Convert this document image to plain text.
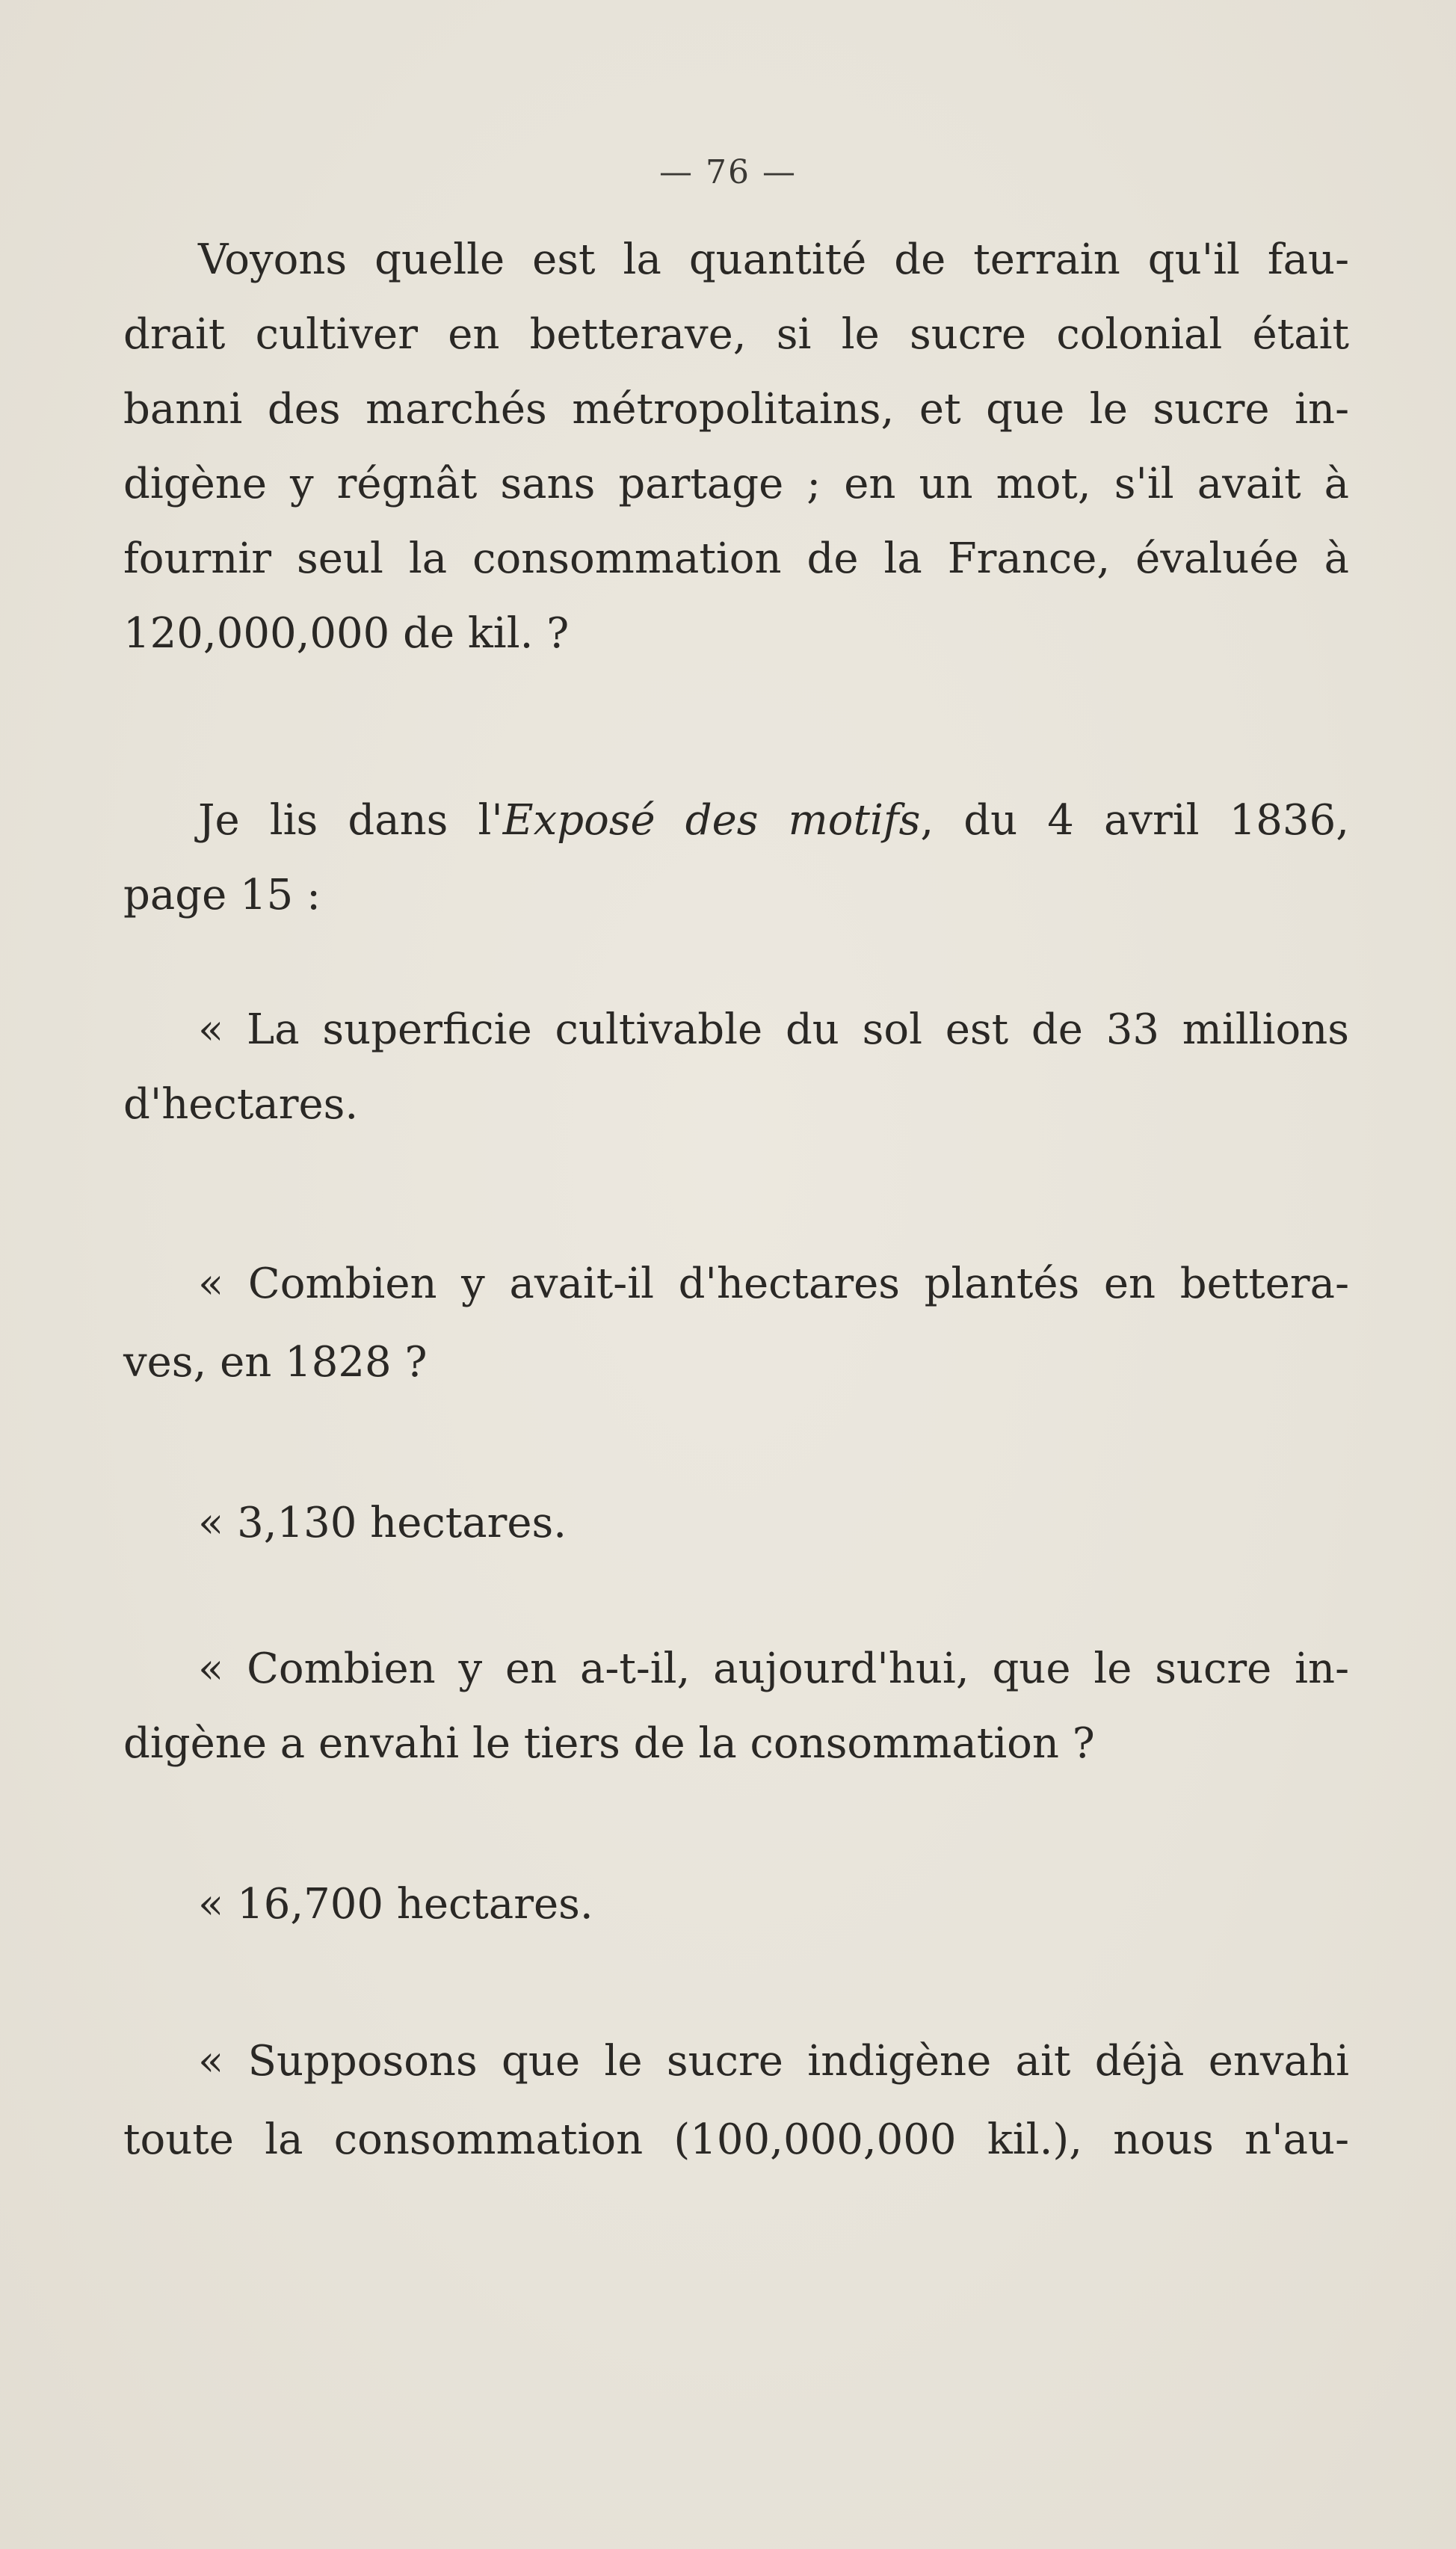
— 76 —
Voyons quelle est la quantité de terrain qu'il fau-
drait cultiver en betterave, si le sucre colonial était
banni des marchés métropolitains, et que le sucre in-
digène y régnât sans partage ; en un mot, s'il avait à
fournir seul la consommation de la France, évaluée à
120,000,000 de kil. ?
Je lis dans l'Exposé des motifs, du 4 avril 1836,
page 15 :
« La superficie cultivable du sol est de 33 millions
d'hectares.
« Combien y avait-il d'hectares plantés en bettera-
ves, en 1828 ?
« 3,130 hectares.
« Combien y en a-t-il, aujourd'hui, que le sucre in-
digène a envahi le tiers de la consommation ?
« 16,700 hectares.
« Supposons que le sucre indigène ait déjà envahi
toute la consommation (100,000,000 kil.), nous n'au-
